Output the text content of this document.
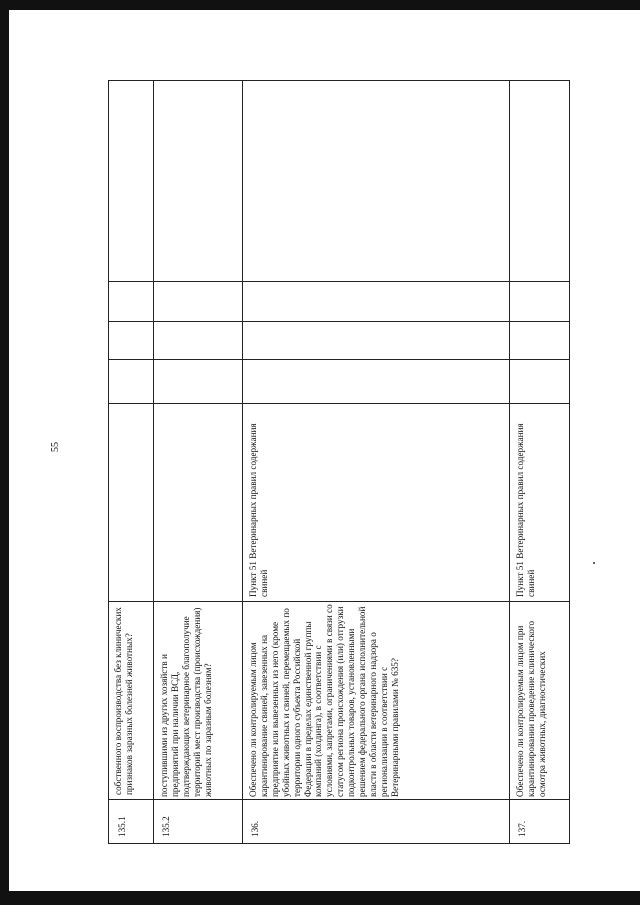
55
135.1
собственного воспроизводства без клинических признаков заразных болезней животных?
135.2
поступившими из других хозяйств и предприятий при наличии ВСД, подтверждающих ветеринарное благополучие территорий мест производства (происхождения) животных по заразным болезням?
136.
Обеспечено ли контролируемым лицом карантинирование свиней, завезенных на предприятие или вывезенных из него (кроме убойных животных и свиней, перемещаемых по территории одного субъекта Российской Федерации в пределах единственной группы компаний (холдинга), в соответствии с условиями, запретами, ограничениями в связи со статусом региона происхождения (или) отгрузки подконтрольных товаров, установленными решением федерального органа исполнительной власти в области ветеринарного надзора о регионализации в соответствии с Ветеринарными правилами № 635?
Пункт 51 Ветеринарных правил содержания свиней
137.
Обеспечено ли контролируемым лицом при карантинировании проведение клинического осмотра животных, диагностических
Пункт 51 Ветеринарных правил содержания свиней
